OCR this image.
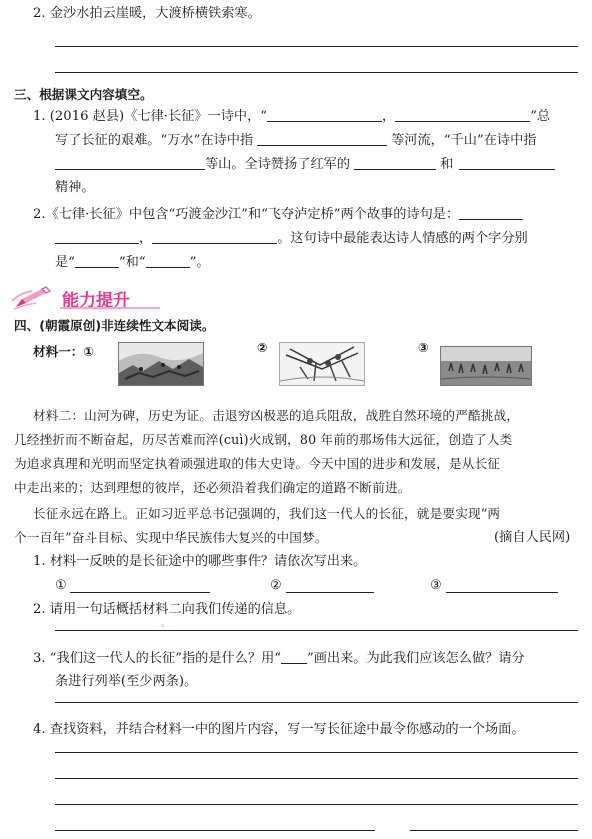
2. 金沙水拍云崖暖，大渡桥横铁索寒。
三、根据课文内容填空。
1. (2016 赵县)《七律·长征》一诗中，“	，	”总
写了长征的艰难。“万水”在诗中指	等河流，“千山”在诗中指
等山。全诗赞扬了红军的	和
精神。
2.《七律·长征》中包含“巧渡金沙江”和“飞夺泸定桥”两个故事的诗句是：
，	。这句诗中最能表达诗人情感的两个字分别
是“	”和“	”。
能力提升
四、(朝霞原创)非连续性文本阅读。
材料一：①	②	③
材料二：山河为碑，历史为证。击退穷凶极恶的追兵阻敌，战胜自然环境的严酷挑战，
几经挫折而不断奋起，历尽苦难而淬(cuì)火成钢，80 年前的那场伟大远征，创造了人类
为追求真理和光明而坚定执着顽强进取的伟大史诗。今天中国的进步和发展，是从长征
中走出来的；达到理想的彼岸，还必须沿着我们确定的道路不断前进。
长征永远在路上。正如习近平总书记强调的，我们这一代人的长征，就是要实现“两
个一百年”奋斗目标、实现中华民族伟大复兴的中国梦。	(摘自人民网)
1. 材料一反映的是长征途中的哪些事件？请依次写出来。
①	②	③
2. 请用一句话概括材料二向我们传递的信息。
◦
3. “我们这一代人的长征”指的是什么？用“ ”画出来。为此我们应该怎么做？请分
条进行列举(至少两条)。
4. 查找资料，并结合材料一中的图片内容，写一写长征途中最令你感动的一个场面。
